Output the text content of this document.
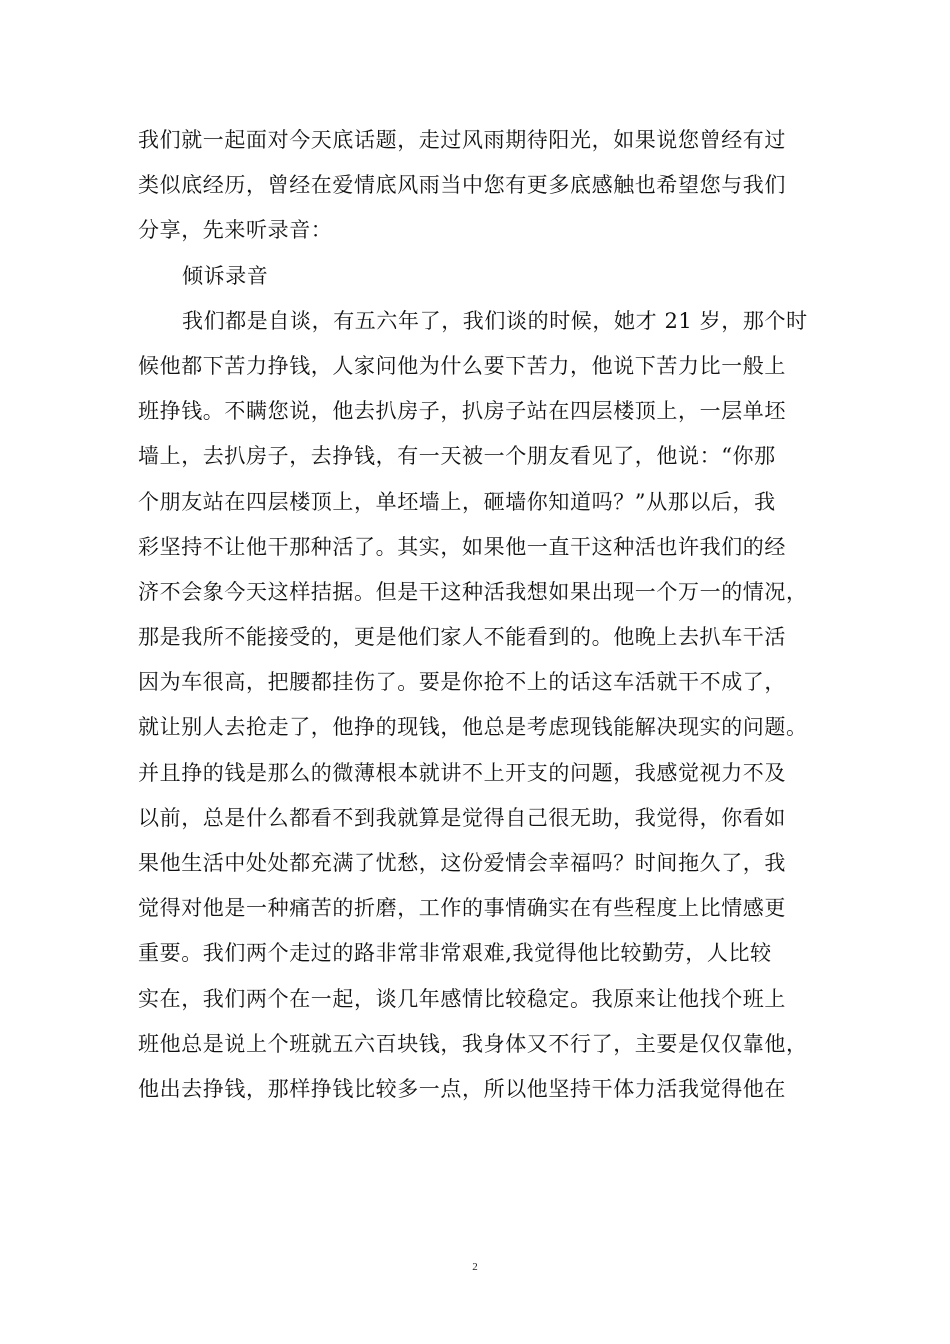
我们就一起面对今天底话题，走过风雨期待阳光，如果说您曾经有过
类似底经历，曾经在爱情底风雨当中您有更多底感触也希望您与我们
分享，先来听录音：
倾诉录音
我们都是自谈，有五六年了，我们谈的时候，她才 21 岁，那个时
候他都下苦力挣钱，人家问他为什么要下苦力，他说下苦力比一般上
班挣钱。不瞒您说，他去扒房子，扒房子站在四层楼顶上，一层单坯
墙上，去扒房子，去挣钱，有一天被一个朋友看见了，他说：“你那
个朋友站在四层楼顶上，单坯墙上，砸墙你知道吗？”从那以后，我
彩坚持不让他干那种活了。其实，如果他一直干这种活也许我们的经
济不会象今天这样拮据。但是干这种活我想如果出现一个万一的情况，
那是我所不能接受的，更是他们家人不能看到的。他晚上去扒车干活
因为车很高，把腰都挂伤了。要是你抢不上的话这车活就干不成了，
就让别人去抢走了，他挣的现钱，他总是考虑现钱能解决现实的问题。
并且挣的钱是那么的微薄根本就讲不上开支的问题，我感觉视力不及
以前，总是什么都看不到我就算是觉得自己很无助，我觉得，你看如
果他生活中处处都充满了忧愁，这份爱情会幸福吗？时间拖久了，我
觉得对他是一种痛苦的折磨，工作的事情确实在有些程度上比情感更
重要。我们两个走过的路非常非常艰难,我觉得他比较勤劳，人比较
实在，我们两个在一起，谈几年感情比较稳定。我原来让他找个班上
班他总是说上个班就五六百块钱，我身体又不行了，主要是仅仅靠他，
他出去挣钱，那样挣钱比较多一点，所以他坚持干体力活我觉得他在
2
